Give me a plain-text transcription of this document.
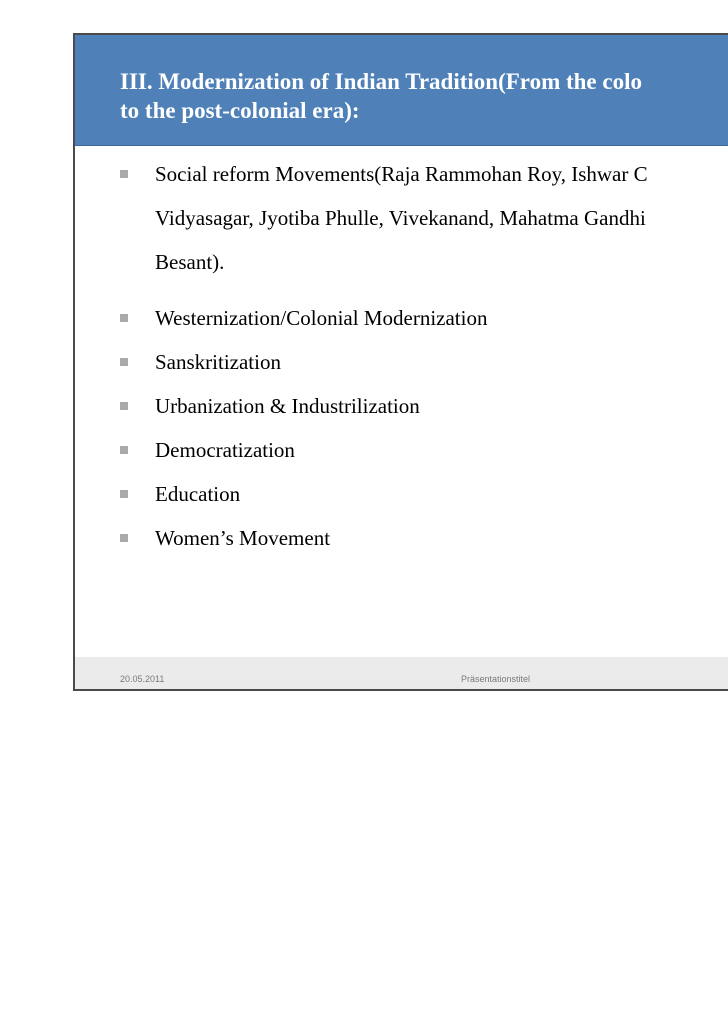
III. Modernization of Indian Tradition(From the colo
to the post-colonial era):
Social reform Movements(Raja Rammohan Roy, Ishwar C
Vidyasagar, Jyotiba Phulle, Vivekanand, Mahatma Gandhi
Besant).
Westernization/Colonial Modernization
Sanskritization
Urbanization & Industrilization
Democratization
Education
Women’s Movement
20.05.2011	Präsentationstitel
